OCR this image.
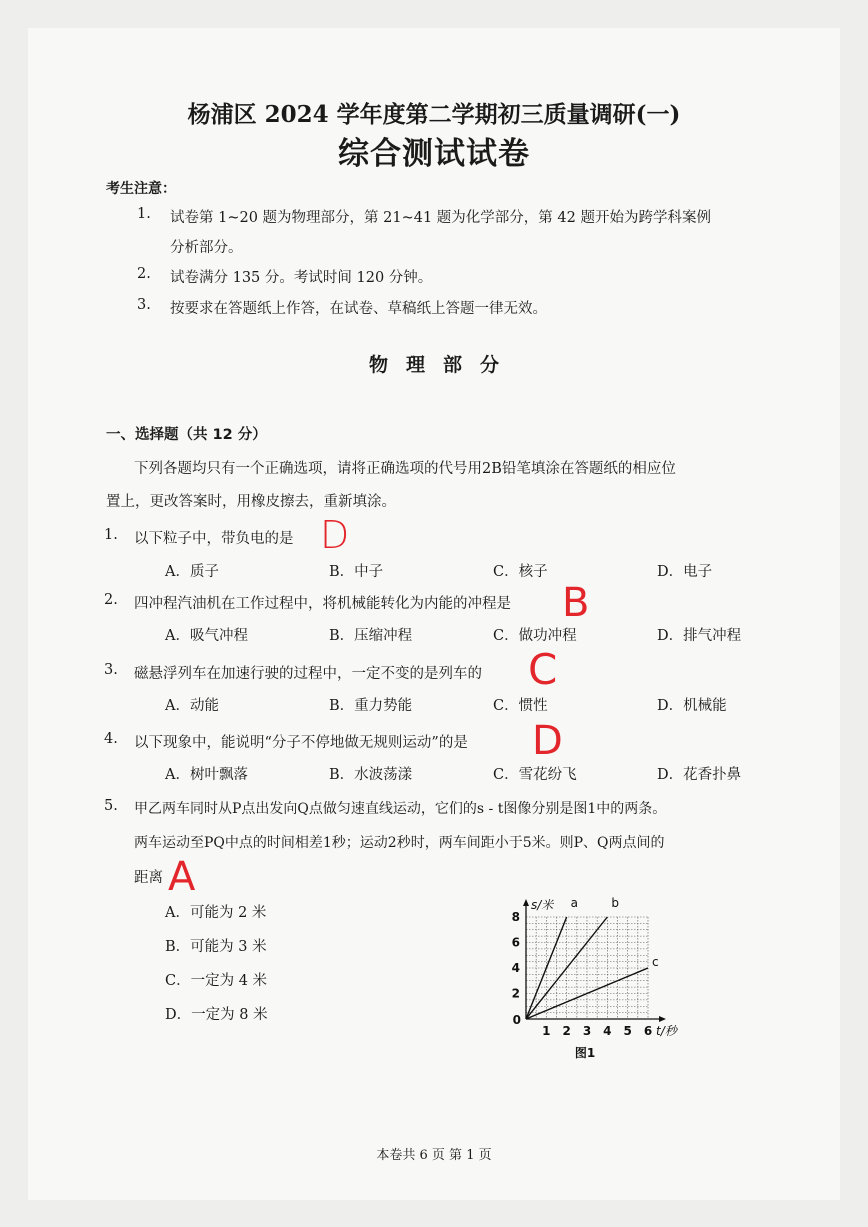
杨浦区 2024 学年度第二学期初三质量调研(一)
综合测试试卷
考生注意：
1. 试卷第 1~20 题为物理部分，第 21~41 题为化学部分，第 42 题开始为跨学科案例
分析部分。
2. 试卷满分 135 分。考试时间 120 分钟。
3. 按要求在答题纸上作答，在试卷、草稿纸上答题一律无效。
物理部分
一、选择题（共 12 分）
下列各题均只有一个正确选项，请将正确选项的代号用2B铅笔填涂在答题纸的相应位
置上，更改答案时，用橡皮擦去，重新填涂。
1. 以下粒子中，带负电的是 D
A．质子	B．中子	C．核子	D．电子
2. 四冲程汽油机在工作过程中，将机械能转化为内能的冲程是 B
A．吸气冲程	B．压缩冲程	C．做功冲程	D．排气冲程
3. 磁悬浮列车在加速行驶的过程中，一定不变的是列车的 C
A．动能	B．重力势能	C．惯性	D．机械能
4. 以下现象中，能说明“分子不停地做无规则运动”的是 D
A．树叶飘落	B．水波荡漾	C．雪花纷飞	D．花香扑鼻
5. 甲乙两车同时从P点出发向Q点做匀速直线运动，它们的s - t图像分别是图1中的两条。
两车运动至PQ中点的时间相差1秒；运动2秒时，两车间距小于5米。则P、Q两点间的
距离 A
A．可能为 2 米
B．可能为 3 米
C．一定为 4 米
D．一定为 8 米
1 2 3 4 5 6
2
4
6
8
0
s/米
t/秒
a	b
c
图1
本卷共 6 页 第 1 页
